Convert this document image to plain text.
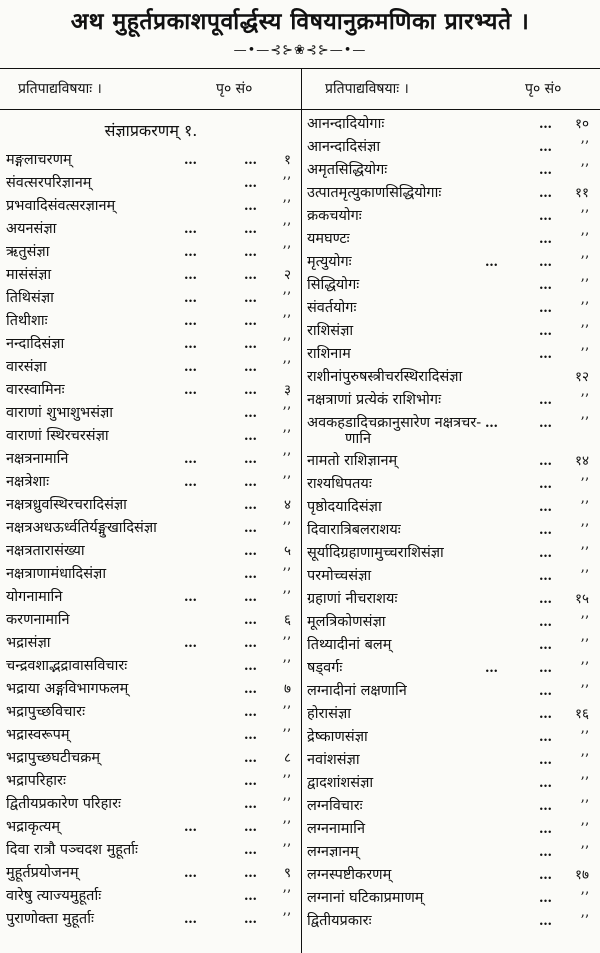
अथ मुहूर्तप्रकाशपूर्वार्द्धस्य विषयानुक्रमणिका प्रारभ्यते ।
—•—⊰⊱❀⊰⊱—•—
प्रतिपाद्यविषयाः ।	पृ० सं०	प्रतिपाद्यविषयाः ।	पृ० सं०
संज्ञाप्रकरणम् १.
मङ्गलाचरणम्	…	…	१
संवत्सरपरिज्ञानम्	…	’’
प्रभवादिसंवत्सरज्ञानम्	…	’’
अयनसंज्ञा	…	…	’’
ऋतुसंज्ञा	…	…	’’
मासंसंज्ञा	…	…	२
तिथिसंज्ञा	…	…	’’
तिथीशाः	…	…	’’
नन्दादिसंज्ञा	…	…	’’
वारसंज्ञा	…	…	’’
वारस्वामिनः	…	…	३
वाराणां शुभाशुभसंज्ञा	…	’’
वाराणां स्थिरचरसंज्ञा	…	’’
नक्षत्रनामानि	…	…	’’
नक्षत्रेशाः	…	…	’’
नक्षत्रध्रुवस्थिरचरादिसंज्ञा	…	४
नक्षत्रअधऊर्ध्वतिर्यङ्मुखादिसंज्ञा	…	’’
नक्षत्रतारासंख्या	…	५
नक्षत्राणामंधादिसंज्ञा	…	’’
योगनामानि	…	…	’’
करणनामानि	…	६
भद्रासंज्ञा	…	…	’’
चन्द्रवशाद्भद्रावासविचारः	…	’’
भद्राया अङ्गविभागफलम्	…	७
भद्रापुच्छविचारः	…	’’
भद्रास्वरूपम्	…	’’
भद्रापुच्छघटीचक्रम्	…	८
भद्रापरिहारः	…	’’
द्वितीयप्रकारेण परिहारः	…	’’
भद्राकृत्यम्	…	…	’’
दिवा रात्रौ पञ्चदश मुहूर्ताः	…	’’
मुहूर्तप्रयोजनम्	…	…	९
वारेषु त्याज्यमुहूर्ताः	…	’’
पुराणोक्ता मुहूर्ताः	…	…	’’
आनन्दादियोगाः	…	१०
आनन्दादिसंज्ञा	…	’’
अमृतसिद्धियोगः	…	’’
उत्पातमृत्युकाणसिद्धियोगाः	…	११
क्रकचयोगः	…	’’
यमघण्टः	…	’’
मृत्युयोगः	…	…	’’
सिद्धियोगः	…	’’
संवर्तयोगः	…	’’
राशिसंज्ञा	…	’’
राशिनाम	…	’’
राशीनांपुरुषस्त्रीचरस्थिरादिसंज्ञा	१२
नक्षत्राणां प्रत्येकं राशिभोगः	…	’’
अवकहडादिचक्रानुसारेण नक्षत्रचर-
णानि
…	…	’’
नामतो राशिज्ञानम्	…	१४
राश्यधिपतयः	…	’’
पृष्ठोदयादिसंज्ञा	…	’’
दिवारात्रिबलराशयः	…	’’
सूर्यादिग्रहाणामुच्चराशिसंज्ञा	…	’’
परमोच्चसंज्ञा	…	’’
ग्रहाणां नीचराशयः	…	१५
मूलत्रिकोणसंज्ञा	…	’’
तिथ्यादीनां बलम्	…	’’
षड्वर्गः	…	…	’’
लग्नादीनां लक्षणानि	…	’’
होरासंज्ञा	…	१६
द्रेष्काणसंज्ञा	…	’’
नवांशसंज्ञा	…	’’
द्वादशांशसंज्ञा	…	’’
लग्नविचारः	…	’’
लग्ननामानि	…	’’
लग्नज्ञानम्	…	’’
लग्नस्पष्टीकरणम्	…	१७
लग्नानां घटिकाप्रमाणम्	…	’’
द्वितीयप्रकारः	…	’’
